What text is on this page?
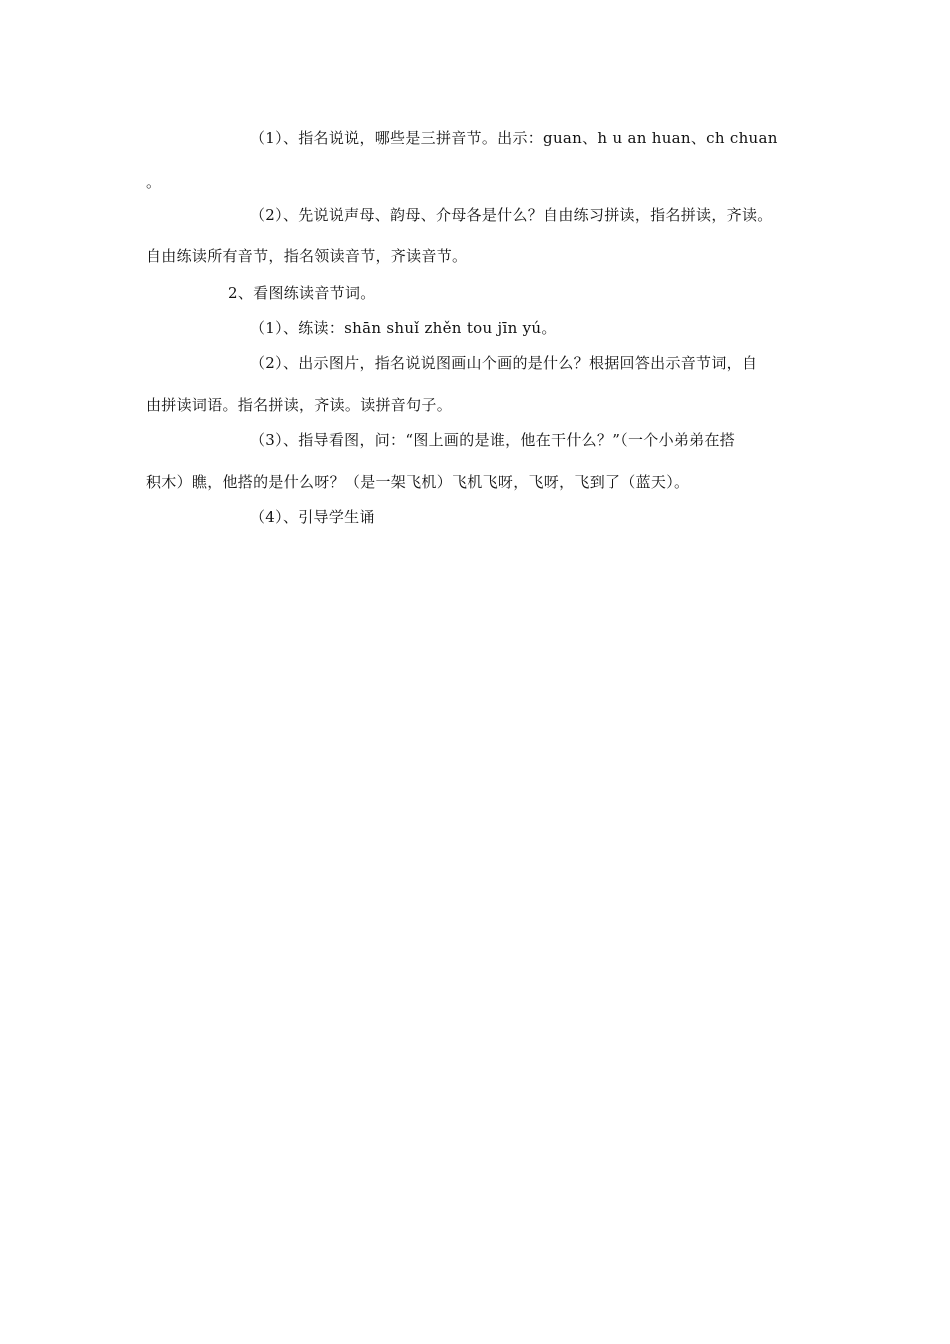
（1）、指名说说，哪些是三拼音节。出示：guan、h u an huan、ch chuan
。
（2）、先说说声母、韵母、介母各是什么？自由练习拼读，指名拼读，齐读。
自由练读所有音节，指名领读音节，齐读音节。
2、看图练读音节词。
（1）、练读：shān shuǐ zhěn tou jīn yú。
（2）、出示图片，指名说说图画山个画的是什么？根据回答出示音节词，自
由拼读词语。指名拼读，齐读。读拼音句子。
（3）、指导看图，问：“图上画的是谁，他在干什么？”（一个小弟弟在搭
积木）瞧，他搭的是什么呀？（是一架飞机）飞机飞呀，飞呀，飞到了（蓝天）。
（4）、引导学生诵
